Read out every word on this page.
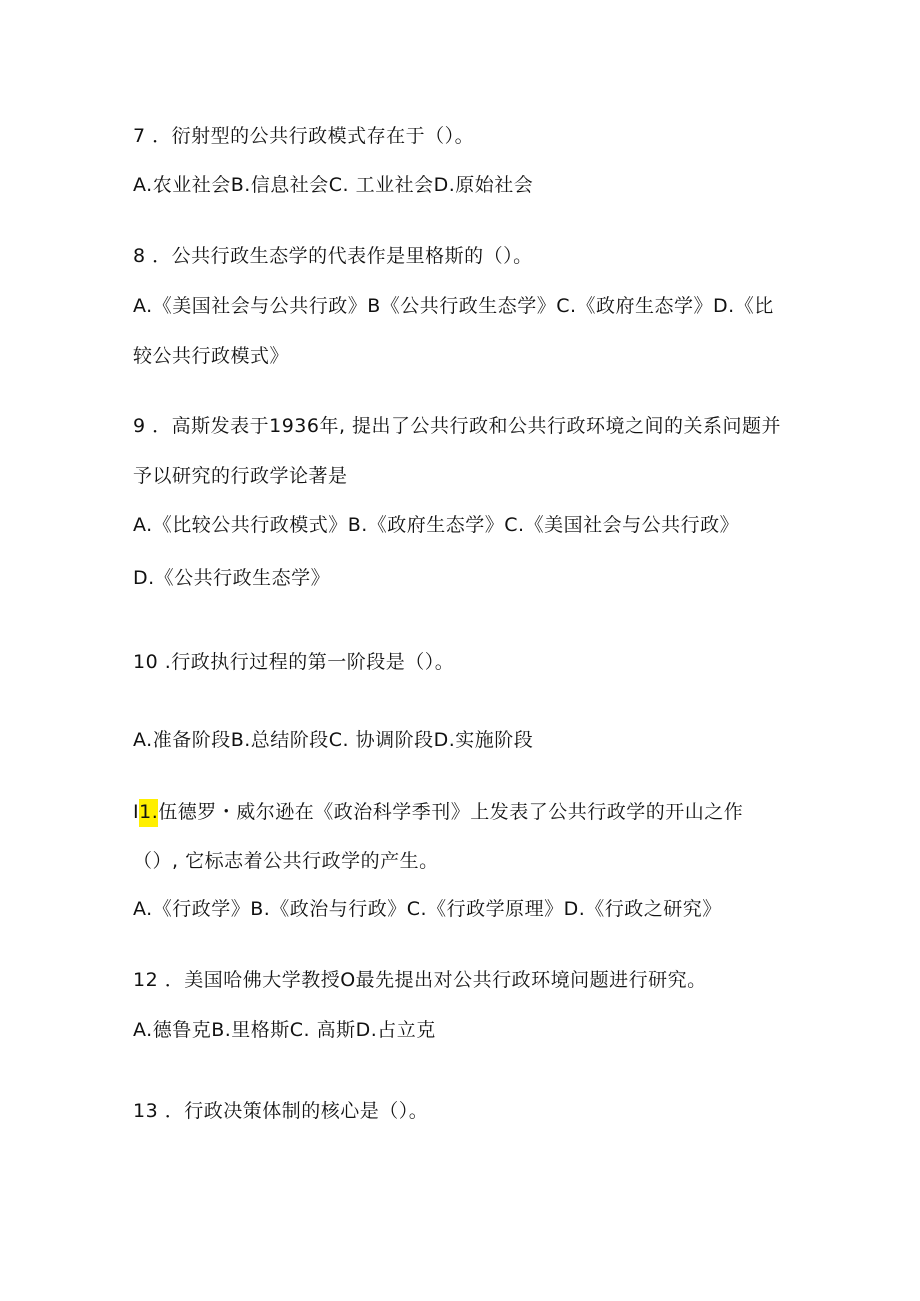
7 ．衍射型的公共行政模式存在于（）。
A.农业社会B.信息社会C. 工业社会D.原始社会
8 ．公共行政生态学的代表作是里格斯的（）。
A.《美国社会与公共行政》B《公共行政生态学》C.《政府生态学》D.《比
较公共行政模式》
9 ．高斯发表于1936年, 提出了公共行政和公共行政环境之间的关系问题并
予以研究的行政学论著是
A.《比较公共行政模式》B.《政府生态学》C.《美国社会与公共行政》
D.《公共行政生态学》
10 .行政执行过程的第一阶段是（）。
A.准备阶段B.总结阶段C. 协调阶段D.实施阶段
I1.伍德罗・威尔逊在《政治科学季刊》上发表了公共行政学的开山之作
（）, 它标志着公共行政学的产生。
A.《行政学》B.《政治与行政》C.《行政学原理》D.《行政之研究》
12 ．美国哈佛大学教授O最先提出对公共行政环境问题进行研究。
A.德鲁克B.里格斯C. 高斯D.占立克
13 ．行政决策体制的核心是（）。
